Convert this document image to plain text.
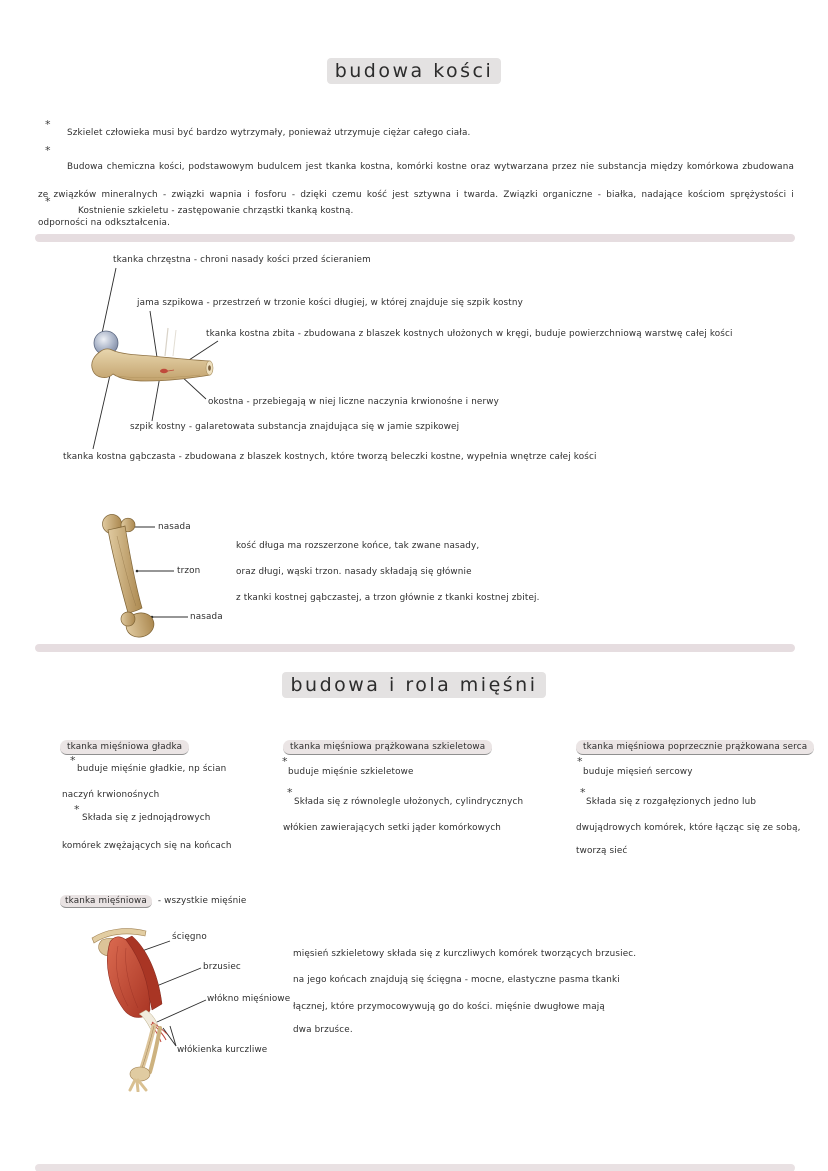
budowa kości
*
Szkielet człowieka musi być bardzo wytrzymały, ponieważ utrzymuje ciężar całego ciała.
*
Budowa chemiczna kości, podstawowym budulcem jest tkanka kostna, komórki kostne oraz wytwarzana przez nie substancja między komórkowa zbudowana ze związków mineralnych - związki wapnia i fosforu - dzięki czemu kość jest sztywna i twarda. Związki organiczne - białka, nadające kościom sprężystości i odporności na odkształcenia.
*
Kostnienie szkieletu - zastępowanie chrząstki tkanką kostną.
tkanka chrzęstna - chroni nasady kości przed ścieraniem
jama szpikowa - przestrzeń w trzonie kości długiej, w której znajduje się szpik kostny
tkanka kostna zbita - zbudowana z blaszek kostnych ułożonych w kręgi, buduje powierzchniową warstwę całej kości
okostna - przebiegają w niej liczne naczynia krwionośne i nerwy
szpik kostny - galaretowata substancja znajdująca się w jamie szpikowej
tkanka kostna gąbczasta - zbudowana z blaszek kostnych, które tworzą beleczki kostne, wypełnia wnętrze całej kości
nasada
trzon
nasada
kość długa ma rozszerzone końce, tak zwane nasady,
oraz długi, wąski trzon. nasady składają się głównie
z tkanki kostnej gąbczastej, a trzon głównie z tkanki kostnej zbitej.
budowa i rola mięśni
tkanka mięśniowa gładka
*
buduje mięśnie gładkie, np ścian
naczyń krwionośnych
*
Składa się z jednojądrowych
komórek zwężających się na końcach
tkanka mięśniowa prążkowana szkieletowa
*
buduje mięśnie szkieletowe
*
Składa się z równolegle ułożonych, cylindrycznych
włókien zawierających setki jąder komórkowych
tkanka mięśniowa poprzecznie prążkowana serca
*
buduje mięsień sercowy
*
Składa się z rozgałęzionych jedno lub
dwujądrowych komórek, które łącząc się ze sobą,
tworzą sieć
tkanka mięśniowa - wszystkie mięśnie
ścięgno
brzusiec
włókno mięśniowe
włókienka kurczliwe
mięsień szkieletowy składa się z kurczliwych komórek tworzących brzusiec.
na jego końcach znajdują się ścięgna - mocne, elastyczne pasma tkanki
łącznej, które przymocowywują go do kości. mięśnie dwugłowe mają
dwa brzuśce.
